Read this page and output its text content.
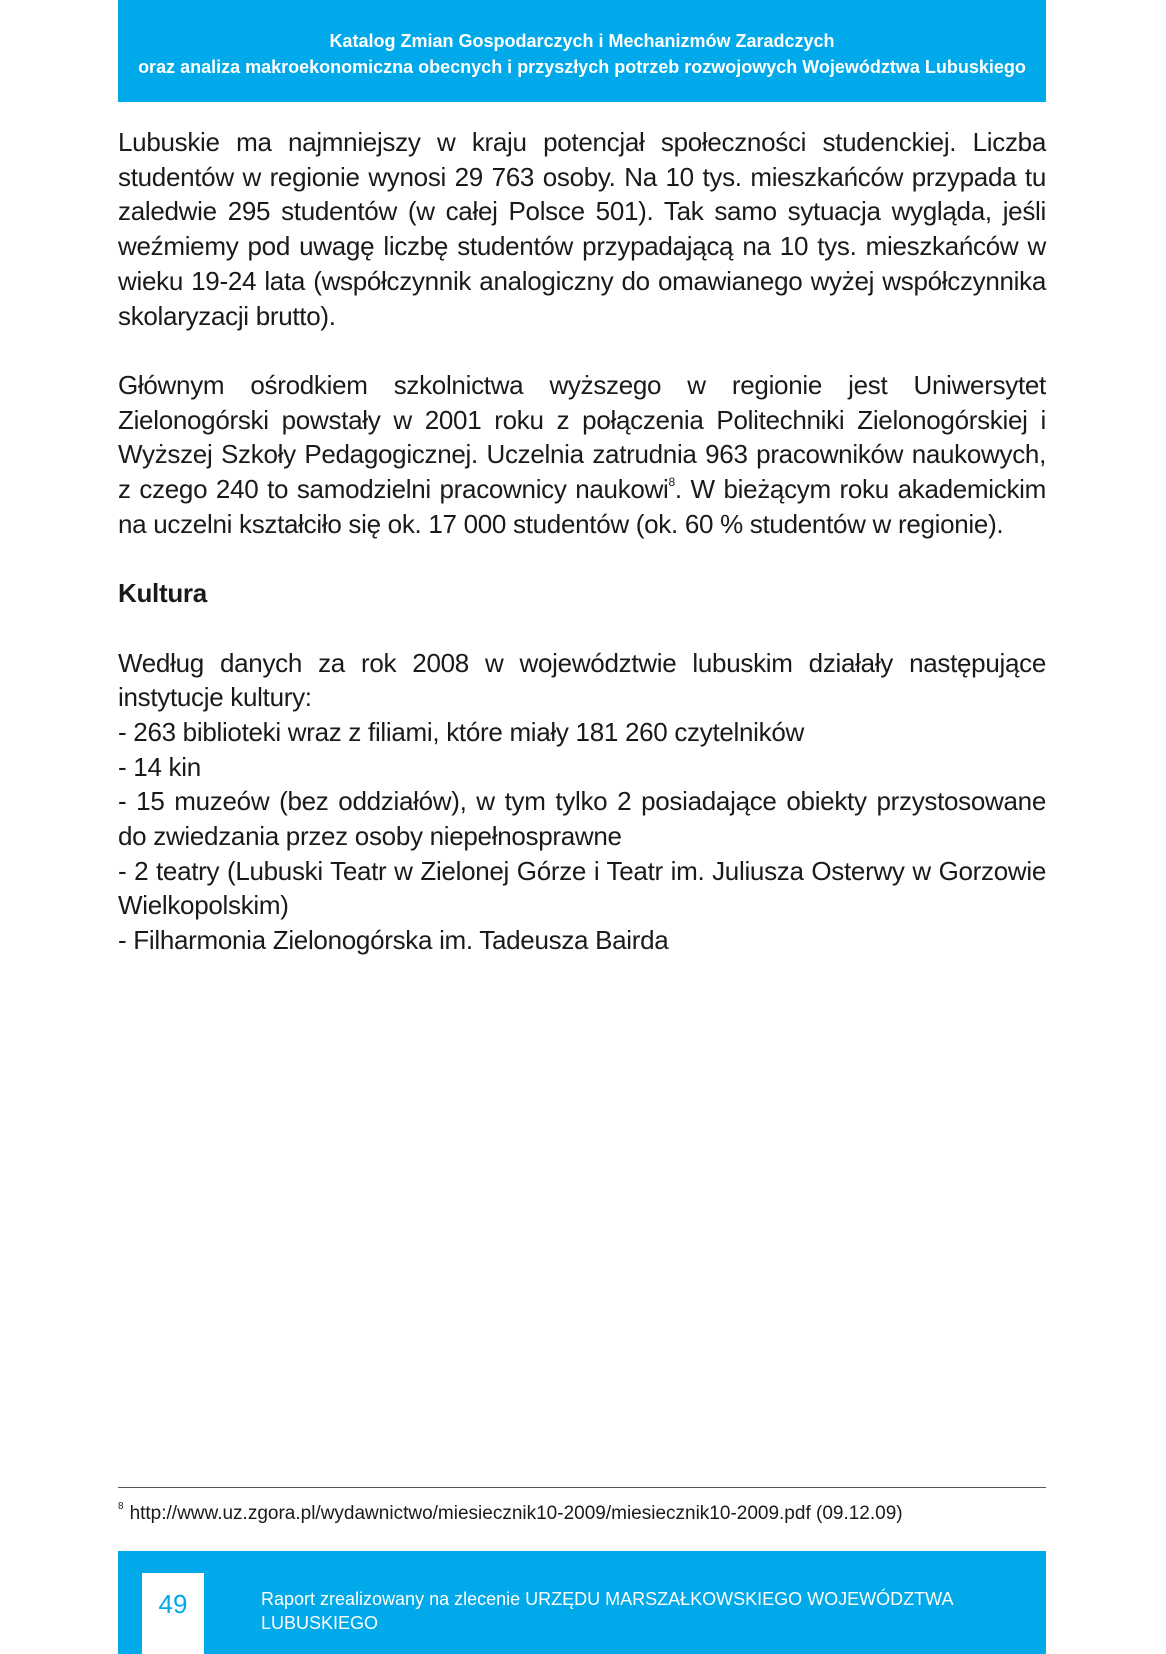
Katalog Zmian Gospodarczych i Mechanizmów Zaradczych
oraz analiza makroekonomiczna obecnych i przyszłych potrzeb rozwojowych Województwa Lubuskiego

Lubuskie ma najmniejszy w kraju potencjał społeczności studenckiej. Liczba studentów w regionie wynosi 29 763 osoby. Na 10 tys. mieszkańców przypada tu zaledwie 295 studentów (w całej Polsce 501). Tak samo sytuacja wygląda, jeśli weźmiemy pod uwagę liczbę studentów przypadającą na 10 tys. mieszkańców w wieku 19-24 lata (współczynnik analogiczny do omawianego wyżej współczynnika skolaryzacji brutto).

Głównym ośrodkiem szkolnictwa wyższego w regionie jest Uniwersytet Zielonogórski powstały w 2001 roku z połączenia Politechniki Zielonogórskiej i Wyższej Szkoły Pedagogicznej. Uczelnia zatrudnia 963 pracowników naukowych, z czego 240 to samodzielni pracownicy naukowi$^8$. W bieżącym roku akademickim na uczelni kształciło się ok. 17 000 studentów (ok. 60 % studentów w regionie).

Kultura

Według danych za rok 2008 w województwie lubuskim działały następujące instytucje kultury:

- 263 biblioteki wraz z filiami, które miały 181 260 czytelników
- 14 kin
- 15 muzeów (bez oddziałów), w tym tylko 2 posiadające obiekty przystosowane do zwiedzania przez osoby niepełnosprawne
- 2 teatry (Lubuski Teatr w Zielonej Górze i Teatr im. Juliusza Osterwy w Gorzowie Wielkopolskim)
- Filharmonia Zielonogórska im. Tadeusza Bairda
$^8$ http://www.uz.zgora.pl/wydawnictwo/miesiecznik10-2009/miesiecznik10-2009.pdf (09.12.09)
49	Raport zrealizowany na zlecenie URZĘDU MARSZAŁKOWSKIEGO WOJEWÓDZTWA LUBUSKIEGO
